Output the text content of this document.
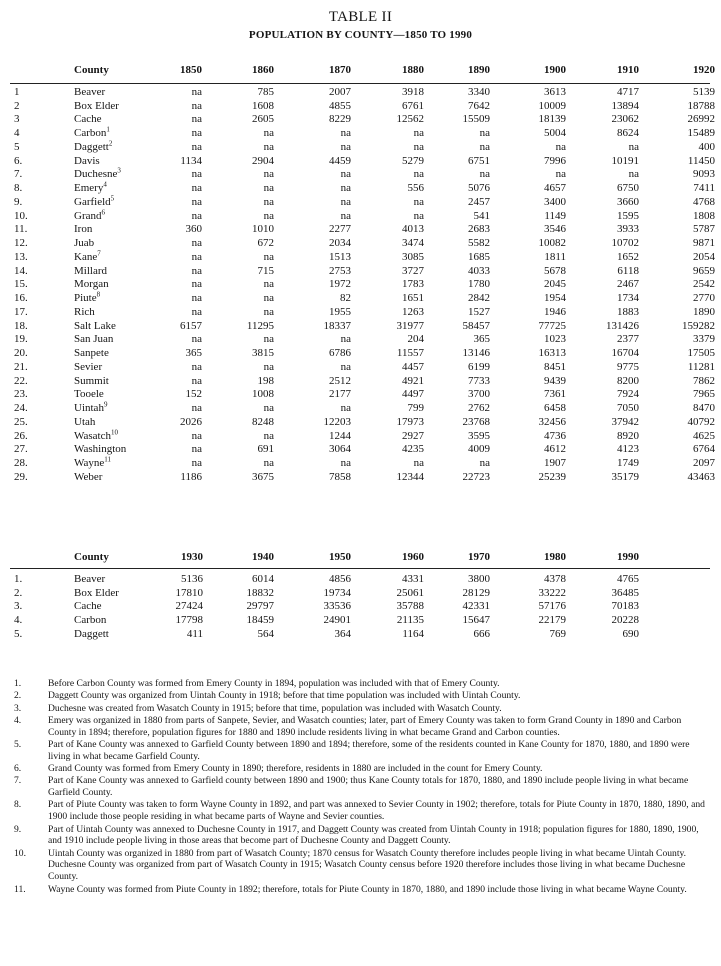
TABLE II
POPULATION BY COUNTY—1850 TO 1990
	County	1850	1860	1870	1880	1890	1900	1910	1920

1	Beaver	na	785	2007	3918	3340	3613	4717	5139
2	Box Elder	na	1608	4855	6761	7642	10009	13894	18788
3	Cache	na	2605	8229	12562	15509	18139	23062	26992
4	Carbon$^1$	na	na	na	na	na	5004	8624	15489
5	Daggett$^2$	na	na	na	na	na	na	na	400
6.	Davis	1134	2904	4459	5279	6751	7996	10191	11450
7.	Duchesne$^3$	na	na	na	na	na	na	na	9093
8.	Emery$^4$	na	na	na	556	5076	4657	6750	7411
9.	Garfield$^5$	na	na	na	na	2457	3400	3660	4768
10.	Grand$^6$	na	na	na	na	541	1149	1595	1808
11.	Iron	360	1010	2277	4013	2683	3546	3933	5787
12.	Juab	na	672	2034	3474	5582	10082	10702	9871
13.	Kane$^7$	na	na	1513	3085	1685	1811	1652	2054
14.	Millard	na	715	2753	3727	4033	5678	6118	9659
15.	Morgan	na	na	1972	1783	1780	2045	2467	2542
16.	Piute$^8$	na	na	82	1651	2842	1954	1734	2770
17.	Rich	na	na	1955	1263	1527	1946	1883	1890
18.	Salt Lake	6157	11295	18337	31977	58457	77725	131426	159282
19.	San Juan	na	na	na	204	365	1023	2377	3379
20.	Sanpete	365	3815	6786	11557	13146	16313	16704	17505
21.	Sevier	na	na	na	4457	6199	8451	9775	11281
22.	Summit	na	198	2512	4921	7733	9439	8200	7862
23.	Tooele	152	1008	2177	4497	3700	7361	7924	7965
24.	Uintah$^9$	na	na	na	799	2762	6458	7050	8470
25.	Utah	2026	8248	12203	17973	23768	32456	37942	40792
26.	Wasatch$^{10}$	na	na	1244	2927	3595	4736	8920	4625
27.	Washington	na	691	3064	4235	4009	4612	4123	6764
28.	Wayne$^{11}$	na	na	na	na	na	1907	1749	2097
29.	Weber	1186	3675	7858	12344	22723	25239	35179	43463
	County	1930	1940	1950	1960	1970	1980	1990

1.	Beaver	5136	6014	4856	4331	3800	4378	4765
2.	Box Elder	17810	18832	19734	25061	28129	33222	36485
3.	Cache	27424	29797	33536	35788	42331	57176	70183
4.	Carbon	17798	18459	24901	21135	15647	22179	20228
5.	Daggett	411	564	364	1164	666	769	690
1.	Before Carbon County was formed from Emery County in 1894, population was included with that of Emery County.
2.	Daggett County was organized from Uintah County in 1918; before that time population was included with Uintah County.
3.	Duchesne was created from Wasatch County in 1915; before that time, population was included with Wasatch County.
4.	Emery was organized in 1880 from parts of Sanpete, Sevier, and Wasatch counties; later, part of Emery County was taken to form Grand County in 1890 and Carbon County in 1894; therefore, population figures for 1880 and 1890 include residents living in what became Grand and Carbon counties.
5.	Part of Kane County was annexed to Garfield County between 1890 and 1894; therefore, some of the residents counted in Kane County for 1870, 1880, and 1890 were living in what became Garfield County.
6.	Grand County was formed from Emery County in 1890; therefore, residents in 1880 are included in the count for Emery County.
7.	Part of Kane County was annexed to Garfield county between 1890 and 1900; thus Kane County totals for 1870, 1880, and 1890 include people living in what became Garfield County.
8.	Part of Piute County was taken to form Wayne County in 1892, and part was annexed to Sevier County in 1902; therefore, totals for Piute County in 1870, 1880, 1890, and 1900 include those people residing in what became parts of Wayne and Sevier counties.
9.	Part of Uintah County was annexed to Duchesne County in 1917, and Daggett County was created from Uintah County in 1918; population figures for 1880, 1890, 1900, and 1910 include people living in those areas that become part of Duchesne County and Daggett County.
10.	Uintah County was organized in 1880 from part of Wasatch County; 1870 census for Wasatch County therefore includes people living in what became Uintah County. Duchesne County was organized from part of Wasatch County in 1915; Wasatch County census before 1920 therefore includes those living in what became Duchesne County.
11.	Wayne County was formed from Piute County in 1892; therefore, totals for Piute County in 1870, 1880, and 1890 include those living in what became Wayne County.
